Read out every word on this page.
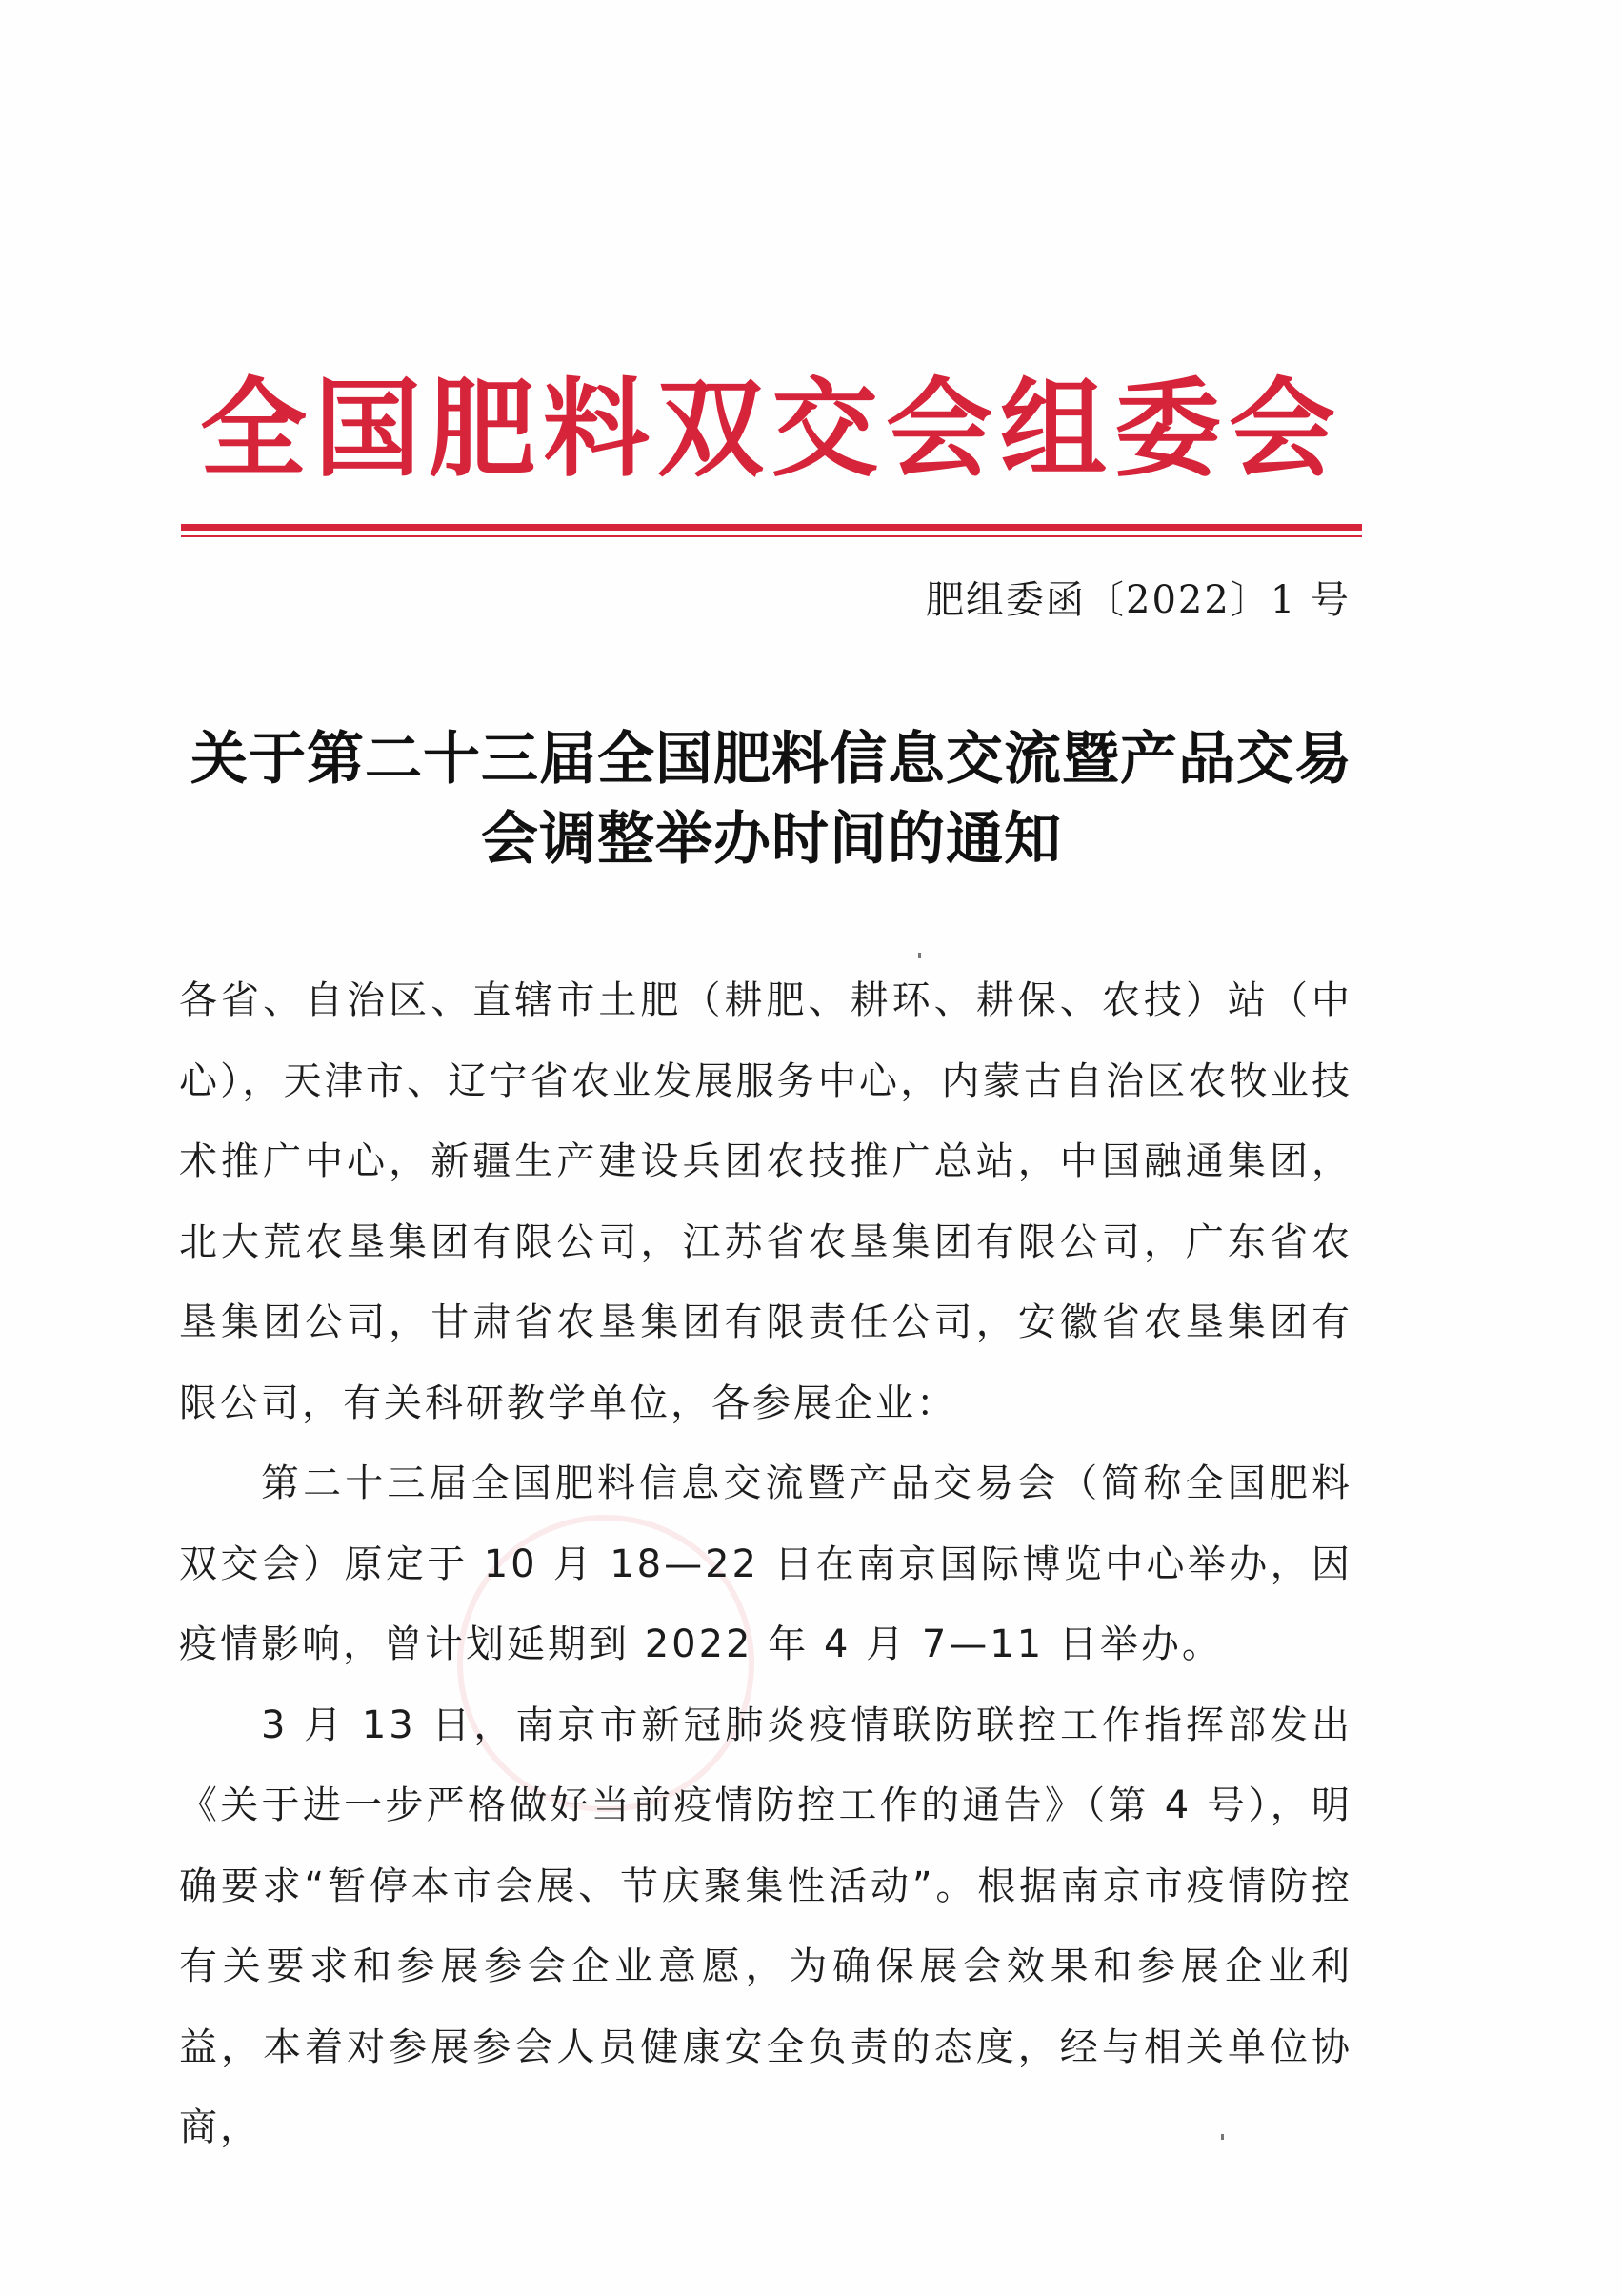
全国肥料双交会组委会
肥组委函〔2022〕1 号
关于第二十三届全国肥料信息交流暨产品交易
会调整举办时间的通知

各省、自治区、直辖市土肥（耕肥、耕环、耕保、农技）站（中心），天津市、辽宁省农业发展服务中心，内蒙古自治区农牧业技术推广中心，新疆生产建设兵团农技推广总站，中国融通集团，北大荒农垦集团有限公司，江苏省农垦集团有限公司，广东省农垦集团公司，甘肃省农垦集团有限责任公司，安徽省农垦集团有限公司，有关科研教学单位，各参展企业：

第二十三届全国肥料信息交流暨产品交易会（简称全国肥料双交会）原定于 10 月 18—22 日在南京国际博览中心举办，因疫情影响，曾计划延期到 2022 年 4 月 7—11 日举办。

3 月 13 日，南京市新冠肺炎疫情联防联控工作指挥部发出《关于进一步严格做好当前疫情防控工作的通告》（第 4 号），明确要求“暂停本市会展、节庆聚集性活动”。根据南京市疫情防控有关要求和参展参会企业意愿，为确保展会效果和参展企业利益，本着对参展参会人员健康安全负责的态度，经与相关单位协商，
